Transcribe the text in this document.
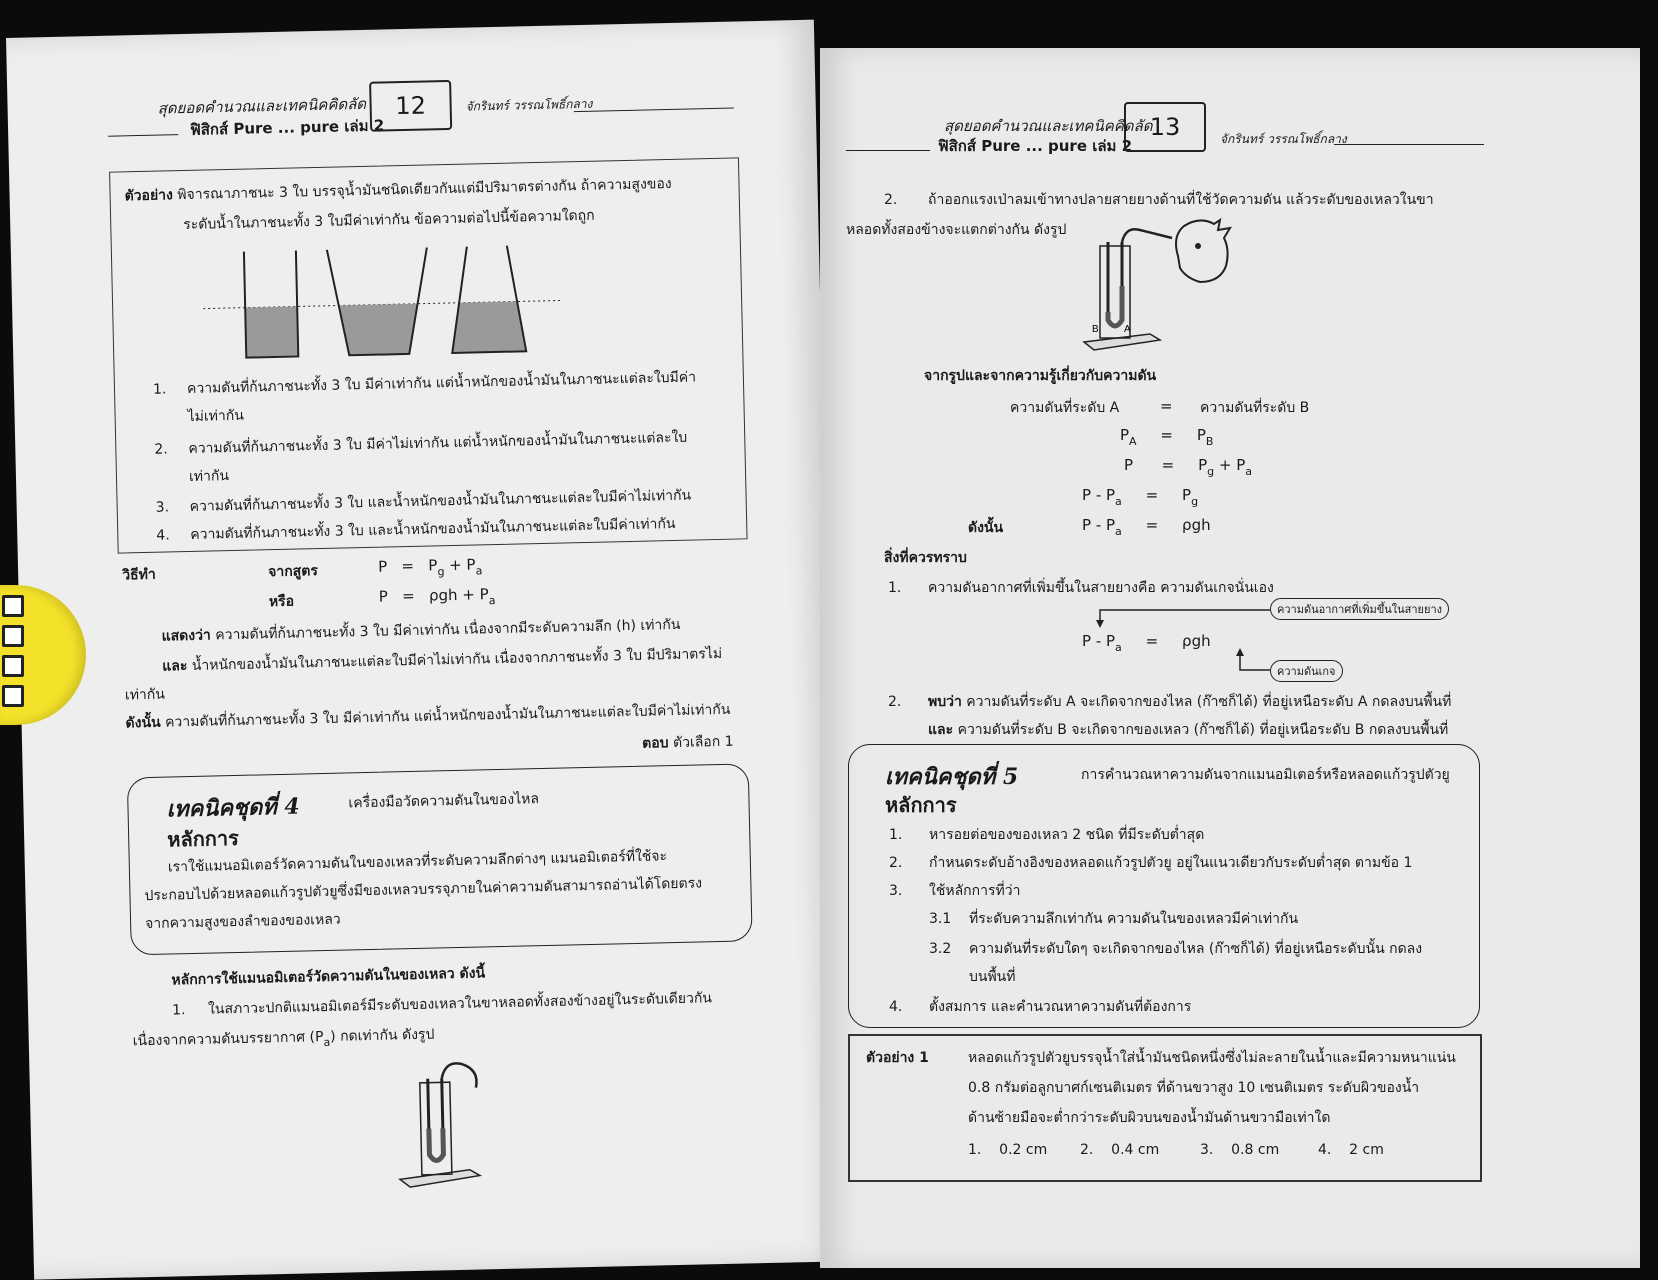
สุดยอดคำนวณและเทคนิคคิดลัด
ฟิสิกส์ Pure ... pure เล่ม 2
12	จักรินทร์ วรรณโพธิ์กลาง
ตัวอย่าง พิจารณาภาชนะ 3 ใบ บรรจุน้ำมันชนิดเดียวกันแต่มีปริมาตรต่างกัน ถ้าความสูงของ
ระดับน้ำในภาชนะทั้ง 3 ใบมีค่าเท่ากัน ข้อความต่อไปนี้ข้อความใดถูก
1. ความดันที่ก้นภาชนะทั้ง 3 ใบ มีค่าเท่ากัน แต่น้ำหนักของน้ำมันในภาชนะแต่ละใบมีค่า
ไม่เท่ากัน
2. ความดันที่ก้นภาชนะทั้ง 3 ใบ มีค่าไม่เท่ากัน แต่น้ำหนักของน้ำมันในภาชนะแต่ละใบ
เท่ากัน
3. ความดันที่ก้นภาชนะทั้ง 3 ใบ และน้ำหนักของน้ำมันในภาชนะแต่ละใบมีค่าไม่เท่ากัน
4. ความดันที่ก้นภาชนะทั้ง 3 ใบ และน้ำหนักของน้ำมันในภาชนะแต่ละใบมีค่าเท่ากัน
วิธีทำ	จากสูตร	$P = P_g + P_a$
หรือ	$P = \rho gh + P_a$
แสดงว่า ความดันที่ก้นภาชนะทั้ง 3 ใบ มีค่าเท่ากัน เนื่องจากมีระดับความลึก (h) เท่ากัน
และ น้ำหนักของน้ำมันในภาชนะแต่ละใบมีค่าไม่เท่ากัน เนื่องจากภาชนะทั้ง 3 ใบ มีปริมาตรไม่
เท่ากัน
ดังนั้น ความดันที่ก้นภาชนะทั้ง 3 ใบ มีค่าเท่ากัน แต่น้ำหนักของน้ำมันในภาชนะแต่ละใบมีค่าไม่เท่ากัน
ตอบ ตัวเลือก 1
เทคนิคชุดที่ 4	เครื่องมือวัดความดันในของไหล
หลักการ
เราใช้แมนอมิเตอร์วัดความดันในของเหลวที่ระดับความลึกต่างๆ แมนอมิเตอร์ที่ใช้จะ
ประกอบไปด้วยหลอดแก้วรูปตัวยูซึ่งมีของเหลวบรรจุภายในค่าความดันสามารถอ่านได้โดยตรง
จากความสูงของลำของของเหลว
หลักการใช้แมนอมิเตอร์วัดความดันในของเหลว ดังนี้
1. ในสภาวะปกติแมนอมิเตอร์มีระดับของเหลวในขาหลอดทั้งสองข้างอยู่ในระดับเดียวกัน
เนื่องจากความดันบรรยากาศ $(P_a)$ กดเท่ากัน ดังรูป
สุดยอดคำนวณและเทคนิคคิดลัด
ฟิสิกส์ Pure ... pure เล่ม 2
13	จักรินทร์ วรรณโพธิ์กลาง
2. ถ้าออกแรงเป่าลมเข้าทางปลายสายยางด้านที่ใช้วัดความดัน แล้วระดับของเหลวในขา
หลอดทั้งสองข้างจะแตกต่างกัน ดังรูป
B	A
จากรูปและจากความรู้เกี่ยวกับความดัน
ความดันที่ระดับ A	= ความดันที่ระดับ B
$P_A$     =     $P_B$
P      =     $P_g + P_a$
P - $P_a$     =     $P_g$
ดังนั้น	P - $P_a$     =     ρgh
สิ่งที่ควรทราบ
1. ความดันอากาศที่เพิ่มขึ้นในสายยางคือ ความดันเกจนั่นเอง
ความดันอากาศที่เพิ่มขึ้นในสายยาง
P - $P_a$     =     ρgh
ความดันเกจ
2. พบว่า ความดันที่ระดับ A จะเกิดจากของไหล (ก๊าซก็ได้) ที่อยู่เหนือระดับ A กดลงบนพื้นที่
และ ความดันที่ระดับ B จะเกิดจากของเหลว (ก๊าซก็ได้) ที่อยู่เหนือระดับ B กดลงบนพื้นที่
เทคนิคชุดที่ 5	การคำนวณหาความดันจากแมนอมิเตอร์หรือหลอดแก้วรูปตัวยู
หลักการ
1. หารอยต่อของของเหลว 2 ชนิด ที่มีระดับต่ำสุด
2. กำหนดระดับอ้างอิงของหลอดแก้วรูปตัวยู อยู่ในแนวเดียวกับระดับต่ำสุด ตามข้อ 1
3. ใช้หลักการที่ว่า
3.1 ที่ระดับความลึกเท่ากัน ความดันในของเหลวมีค่าเท่ากัน
3.2 ความดันที่ระดับใดๆ จะเกิดจากของไหล (ก๊าซก็ได้) ที่อยู่เหนือระดับนั้น กดลง
บนพื้นที่
4. ตั้งสมการ และคำนวณหาความดันที่ต้องการ
ตัวอย่าง 1	หลอดแก้วรูปตัวยูบรรจุน้ำใส่น้ำมันชนิดหนึ่งซึ่งไม่ละลายในน้ำและมีความหนาแน่น
0.8 กรัมต่อลูกบาศก์เซนติเมตร ที่ด้านขวาสูง 10 เซนติเมตร ระดับผิวของน้ำ
ด้านซ้ายมือจะต่ำกว่าระดับผิวบนของน้ำมันด้านขวามือเท่าใด
1. 0.2 cm 2. 0.4 cm	3. 0.8 cm	4. 2 cm
